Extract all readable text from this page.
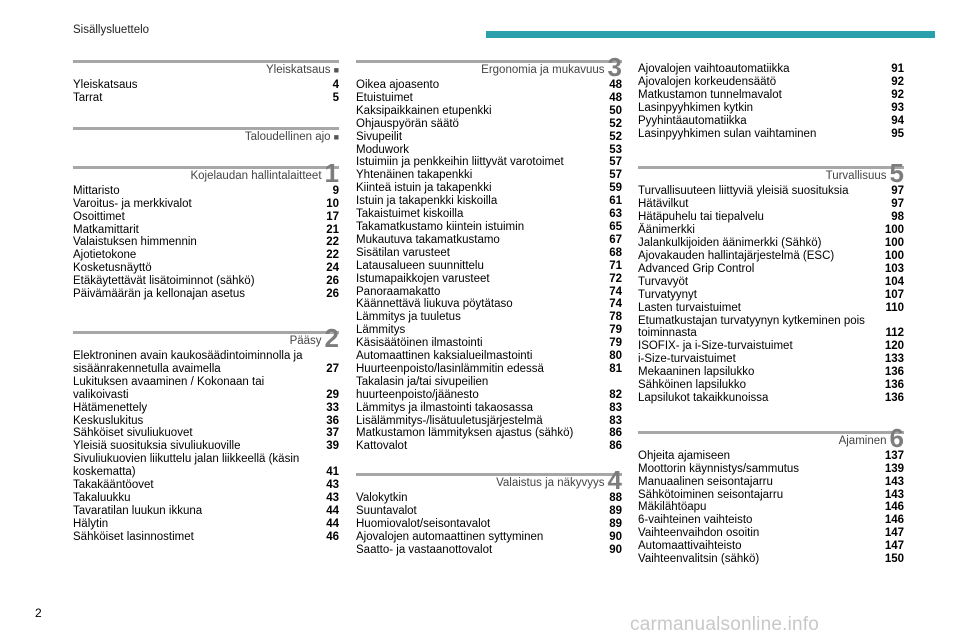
Sisällysluettelo
Yleiskatsaus ■
Yleiskatsaus	4
Tarrat	5
Taloudellinen ajo ■
Kojelaudan hallintalaitteet 1
Mittaristo	9
Varoitus- ja merkkivalot	10
Osoittimet	17
Matkamittarit	21
Valaistuksen himmennin	22
Ajotietokone	22
Kosketusnäyttö	24
Etäkäytettävät lisätoiminnot (sähkö)	26
Päivämäärän ja kellonajan asetus	26
Pääsy 2
Elektroninen avain kaukosäädintoiminnolla ja sisäänrakennetulla avaimella	27
Lukituksen avaaminen / Kokonaan tai valikoivasti	29
Hätämenettely	33
Keskuslukitus	36
Sähköiset sivuliukuovet	37
Yleisiä suosituksia sivuliukuoville	39
Sivuliukuovien liikuttelu jalan liikkeellä (käsin koskematta)	41
Takakääntöovet	43
Takaluukku	43
Tavaratilan luukun ikkuna	44
Hälytin	44
Sähköiset lasinnostimet	46
Ergonomia ja mukavuus 3
Oikea ajoasento	48
Etuistuimet	48
Kaksipaikkainen etupenkki	50
Ohjauspyörän säätö	52
Sivupeilit	52
Moduwork	53
Istuimiin ja penkkeihin liittyvät varotoimet	57
Yhtenäinen takapenkki	57
Kiinteä istuin ja takapenkki	59
Istuin ja takapenkki kiskoilla	61
Takaistuimet kiskoilla	63
Takamatkustamo kiintein istuimin	65
Mukautuva takamatkustamo	67
Sisätilan varusteet	68
Latausalueen suunnittelu	71
Istumapaikkojen varusteet	72
Panoraamakatto	74
Käännettävä liukuva pöytätaso	74
Lämmitys ja tuuletus	78
Lämmitys	79
Käsisäätöinen ilmastointi	79
Automaattinen kaksialueilmastointi	80
Huurteenpoisto/lasinlämmitin edessä	81
Takalasin ja/tai sivupeilien huurteenpoisto/jäänesto	82
Lämmitys ja ilmastointi takaosassa	83
Lisälämmitys-/lisätuuletusjärjestelmä	83
Matkustamon lämmityksen ajastus (sähkö)	86
Kattovalot	86
Valaistus ja näkyvyys 4
Valokytkin	88
Suuntavalot	89
Huomiovalot/seisontavalot	89
Ajovalojen automaattinen syttyminen	90
Saatto- ja vastaanottovalot	90
Ajovalojen vaihtoautomatiikka	91
Ajovalojen korkeudensäätö	92
Matkustamon tunnelmavalot	92
Lasinpyyhkimen kytkin	93
Pyyhintäautomatiikka	94
Lasinpyyhkimen sulan vaihtaminen	95
Turvallisuus 5
Turvallisuuteen liittyviä yleisiä suosituksia	97
Hätävilkut	97
Hätäpuhelu tai tiepalvelu	98
Äänimerkki	100
Jalankulkijoiden äänimerkki (Sähkö)	100
Ajovakauden hallintajärjestelmä (ESC)	100
Advanced Grip Control	103
Turvavyöt	104
Turvatyynyt	107
Lasten turvaistuimet	110
Etumatkustajan turvatyynyn kytkeminen pois toiminnasta	112
ISOFIX- ja i-Size-turvaistuimet	120
i-Size-turvaistuimet	133
Mekaaninen lapsilukko	136
Sähköinen lapsilukko	136
Lapsilukot takaikkunoissa	136
Ajaminen 6
Ohjeita ajamiseen	137
Moottorin käynnistys/sammutus	139
Manuaalinen seisontajarru	143
Sähkötoiminen seisontajarru	143
Mäkilähtöapu	146
6-vaihteinen vaihteisto	146
Vaihteenvaihdon osoitin	147
Automaattivaihteisto	147
Vaihteenvalitsin (sähkö)	150
2
carmanualsonline.info
